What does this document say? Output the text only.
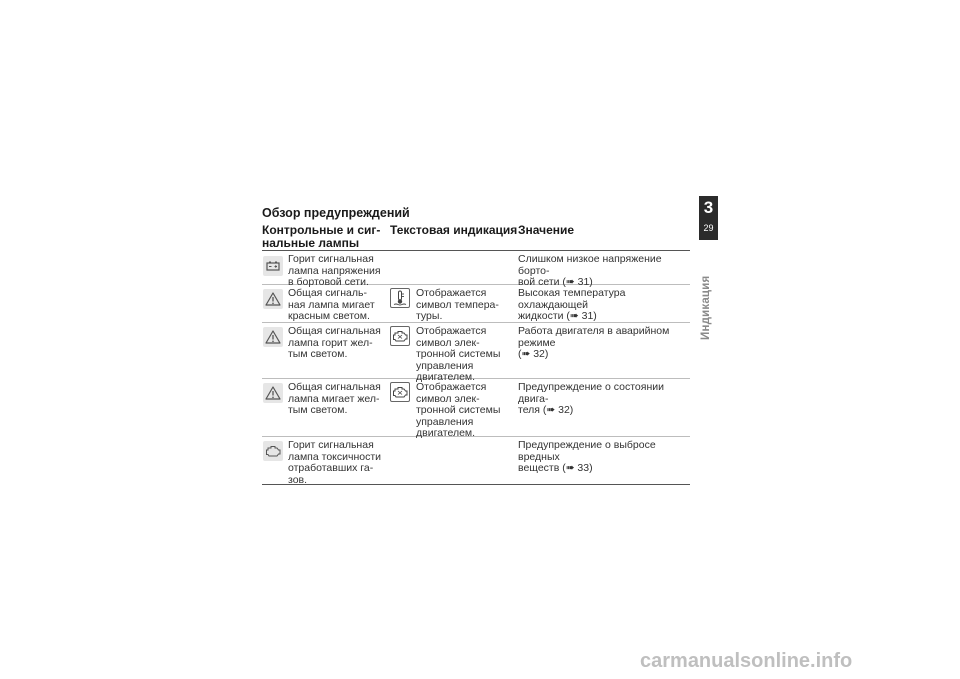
Обзор предупреждений
Контрольные и сиг-
нальные лампы
Текстовая индикация Значение
Горит сигнальная
лампа напряжения
в бортовой сети.
Слишком низкое напряжение борто-
вой сети (➠ 31)
Общая сигналь-
ная лампа мигает
красным светом.
Отображается
символ темпера-
туры.
Высокая температура охлаждающей
жидкости (➠ 31)
Общая сигнальная
лампа горит жел-
тым светом.
Отображается
символ элек-
тронной системы
управления
двигателем.
Работа двигателя в аварийном режиме
(➠ 32)
Общая сигнальная
лампа мигает жел-
тым светом.
Отображается
символ элек-
тронной системы
управления
двигателем.
Предупреждение о состоянии двига-
теля (➠ 32)
Горит сигнальная
лампа токсичности
отработавших га-
зов.
Предупреждение о выбросе вредных
веществ (➠ 33)
3
29
Индикация
carmanualsonline.info
